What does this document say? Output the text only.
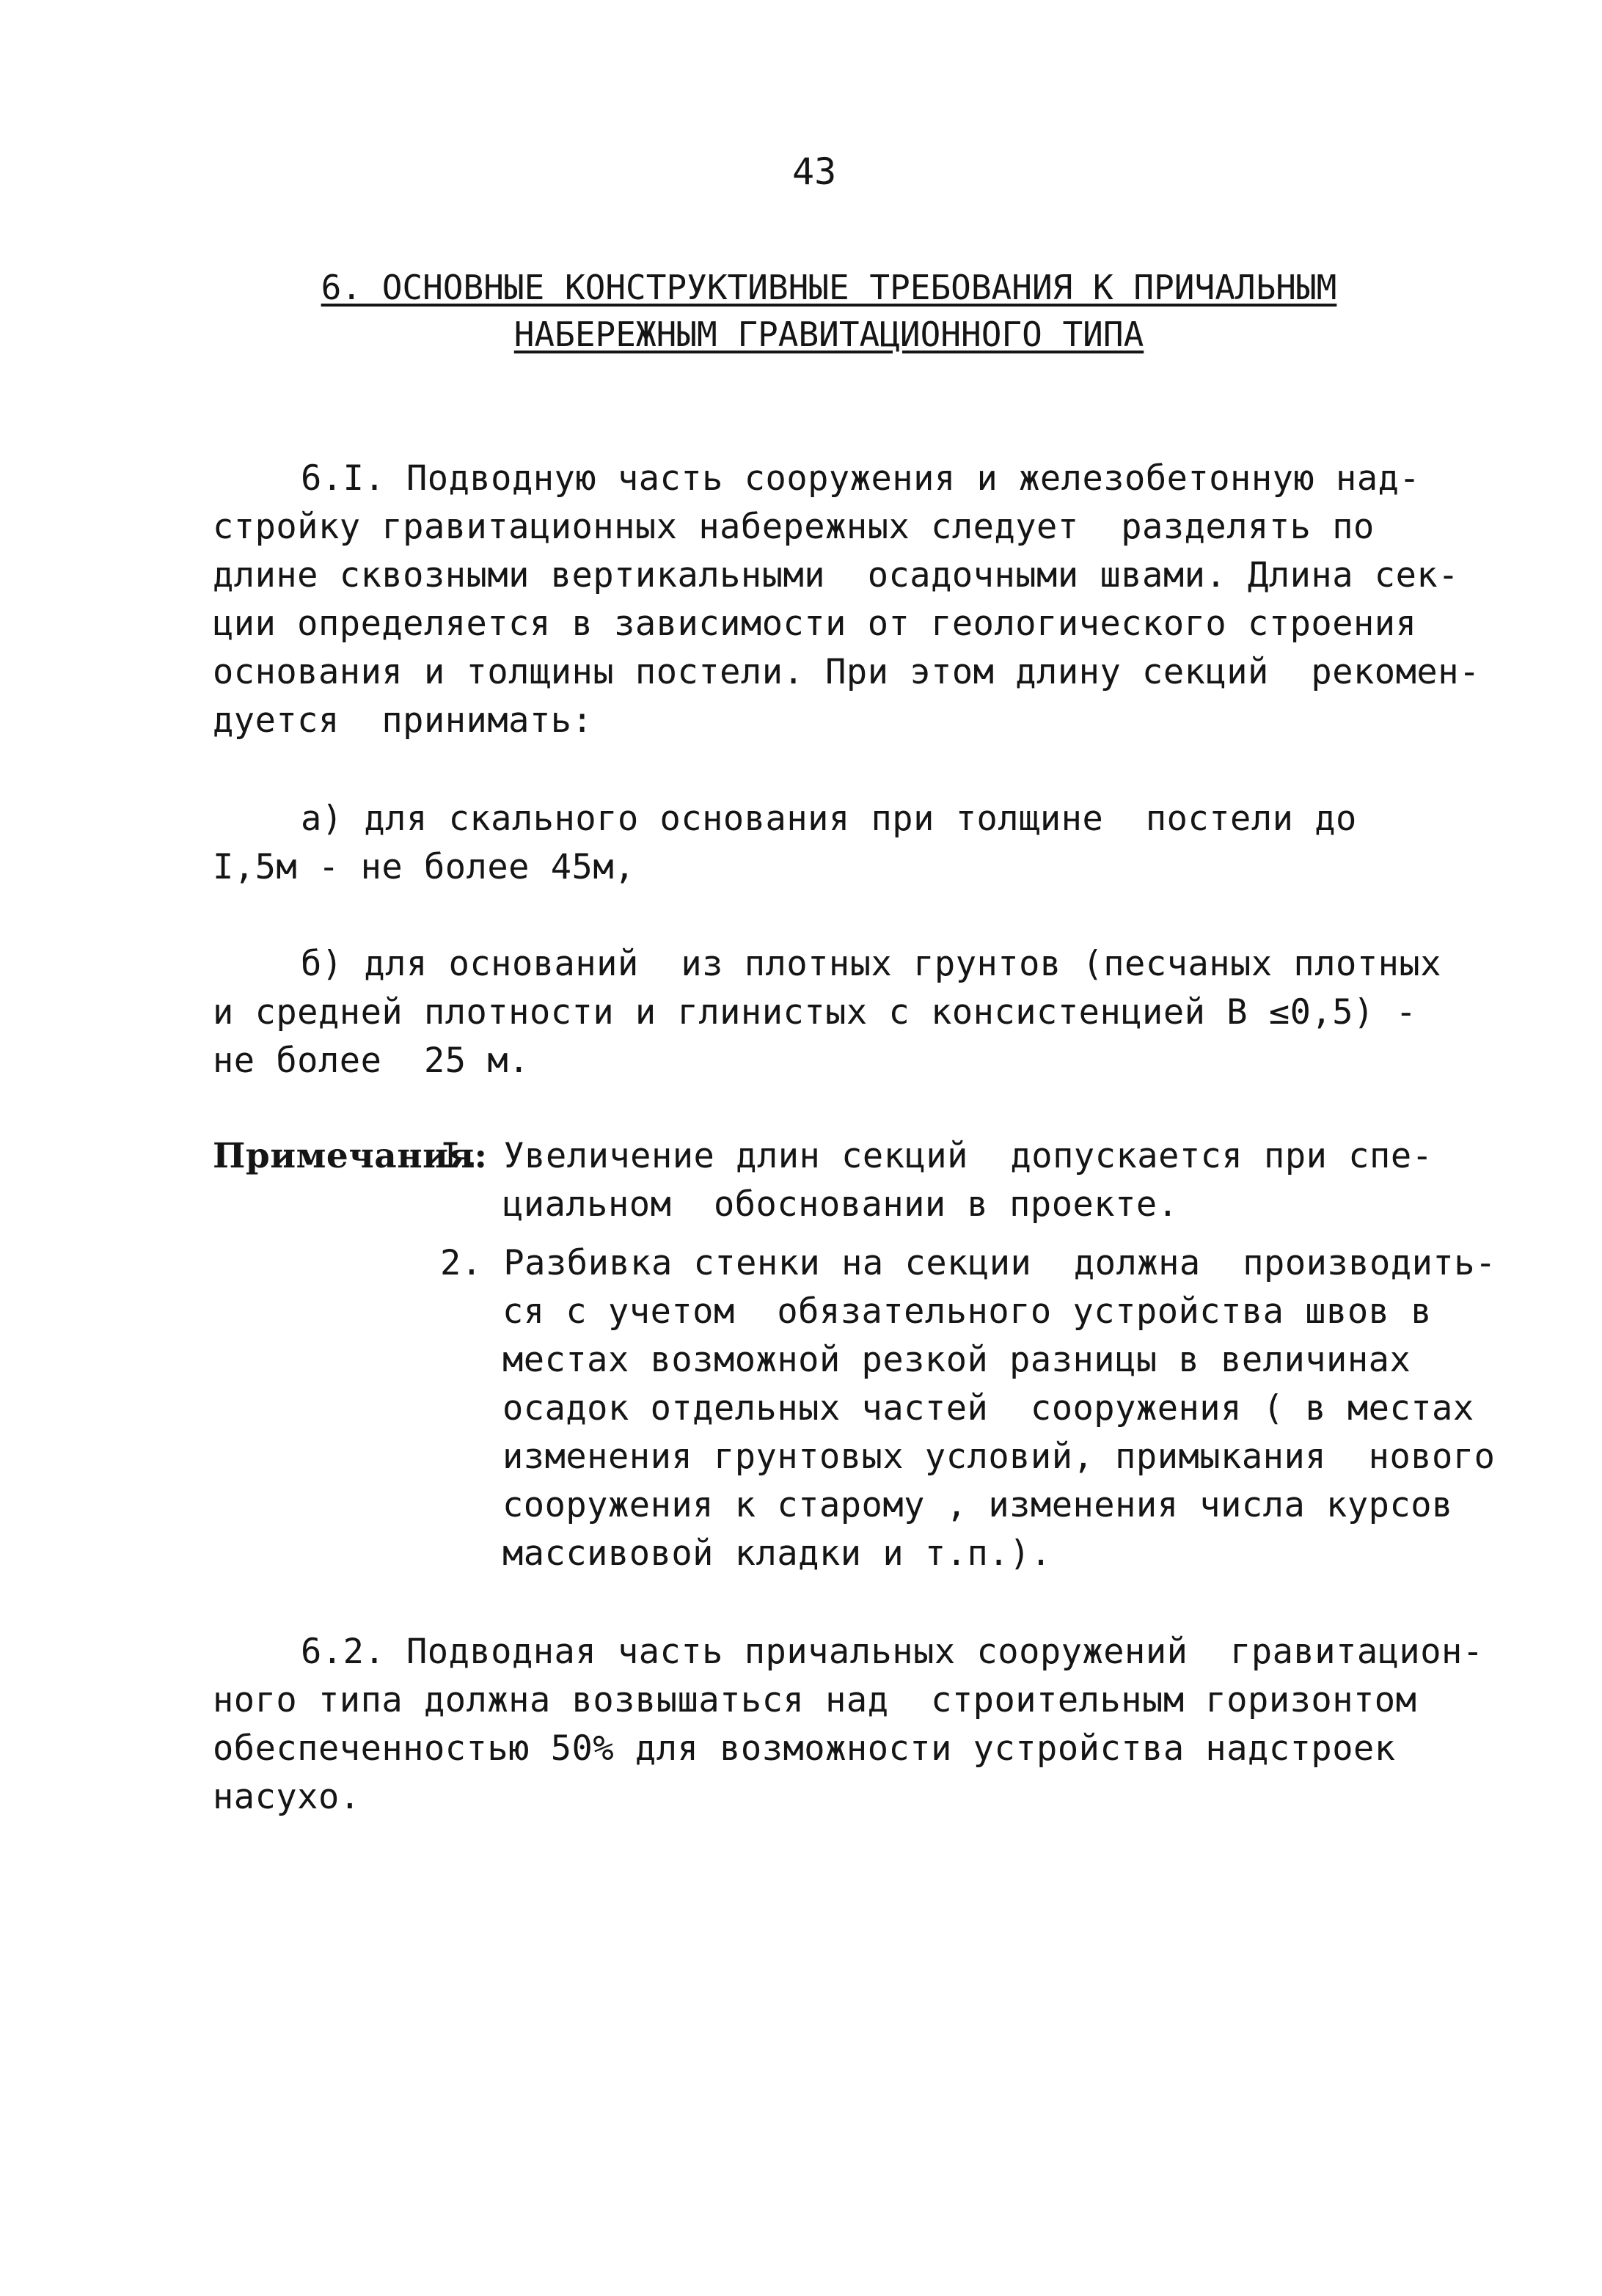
43
6. ОСНОВНЫЕ КОНСТРУКТИВНЫЕ ТРЕБОВАНИЯ К ПРИЧАЛЬНЫМ
НАБЕРЕЖНЫМ ГРАВИТАЦИОННОГО ТИПА
6.I. Подводную часть сооружения и железобетонную над-
стройку гравитационных набережных следует  разделять по
длине сквозными вертикальными  осадочными швами. Длина сек-
ции определяется в зависимости от геологического строения
основания и толщины постели. При этом длину секций  рекомен-
дуется  принимать:
а) для скального основания при толщине  постели до
I,5м - не более 45м,
б) для оснований  из плотных грунтов (песчаных плотных
и средней плотности и глинистых с консистенцией В ≤0,5) -
не более  25 м.
Примечания:
I. Увеличение длин секций  допускается при спе-
циальном  обосновании в проекте.
2. Разбивка стенки на секции  должна  производить-
ся с учетом  обязательного устройства швов в
местах возможной резкой разницы в величинах
осадок отдельных частей  сооружения ( в местах
изменения грунтовых условий, примыкания  нового
сооружения к старому , изменения числа курсов
массивовой кладки и т.п.).
6.2. Подводная часть причальных сооружений  гравитацион-
ного типа должна возвышаться над  строительным горизонтом
обеспеченностью 50% для возможности устройства надстроек
насухо.
